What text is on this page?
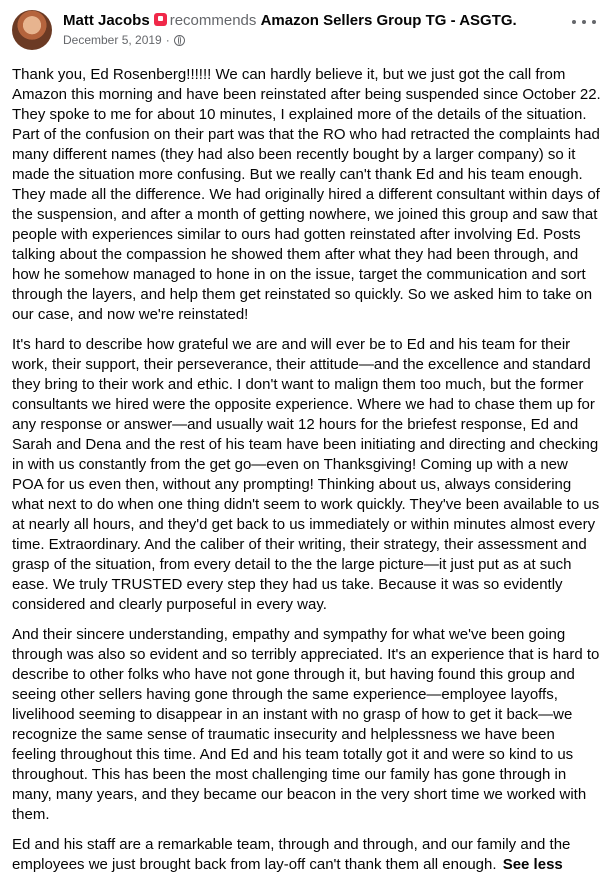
Matt Jacobs recommends Amazon Sellers Group TG - ASGTG.
December 5, 2019 ·

Thank you, Ed Rosenberg!!!!!! We can hardly believe it, but we just got the call from Amazon this morning and have been reinstated after being suspended since October 22. They spoke to me for about 10 minutes, I explained more of the details of the situation. Part of the confusion on their part was that the RO who had retracted the complaints had many different names (they had also been recently bought by a larger company) so it made the situation more confusing. But we really can't thank Ed and his team enough. They made all the difference. We had originally hired a different consultant within days of the suspension, and after a month of getting nowhere, we joined this group and saw that people with experiences similar to ours had gotten reinstated after involving Ed. Posts talking about the compassion he showed them after what they had been through, and how he somehow managed to hone in on the issue, target the communication and sort through the layers, and help them get reinstated so quickly. So we asked him to take on our case, and now we're reinstated!

It's hard to describe how grateful we are and will ever be to Ed and his team for their work, their support, their perseverance, their attitude—and the excellence and standard they bring to their work and ethic. I don't want to malign them too much, but the former consultants we hired were the opposite experience. Where we had to chase them up for any response or answer—and usually wait 12 hours for the briefest response, Ed and Sarah and Dena and the rest of his team have been initiating and directing and checking in with us constantly from the get go—even on Thanksgiving! Coming up with a new POA for us even then, without any prompting! Thinking about us, always considering what next to do when one thing didn't seem to work quickly. They've been available to us at nearly all hours, and they'd get back to us immediately or within minutes almost every time. Extraordinary. And the caliber of their writing, their strategy, their assessment and grasp of the situation, from every detail to the the large picture—it just put as at such ease. We truly TRUSTED every step they had us take. Because it was so evidently considered and clearly purposeful in every way.

And their sincere understanding, empathy and sympathy for what we've been going through was also so evident and so terribly appreciated. It's an experience that is hard to describe to other folks who have not gone through it, but having found this group and seeing other sellers having gone through the same experience—employee layoffs, livelihood seeming to disappear in an instant with no grasp of how to get it back—we recognize the same sense of traumatic insecurity and helplessness we have been feeling throughout this time. And Ed and his team totally got it and were so kind to us throughout. This has been the most challenging time our family has gone through in many, many years, and they became our beacon in the very short time we worked with them.

Ed and his staff are a remarkable team, through and through, and our family and the employees we just brought back from lay-off can't thank them all enough. See less
